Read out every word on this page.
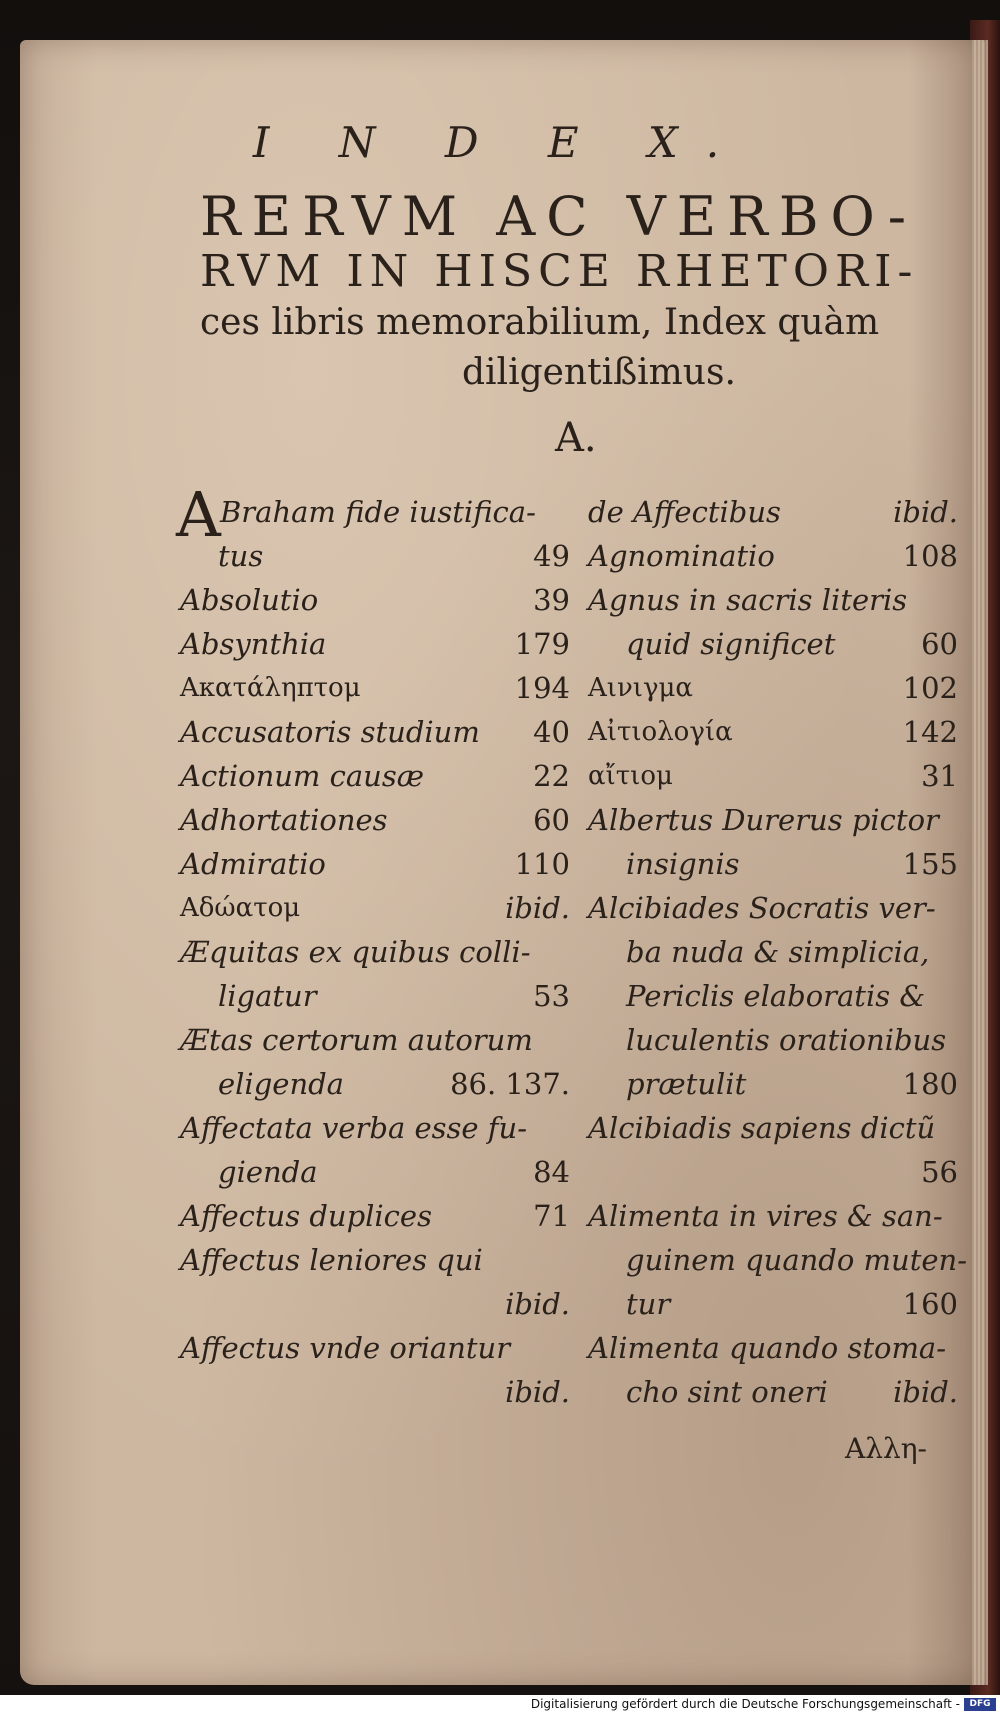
I N D E X.
RERVM AC VERBO-
RVM IN HISCE RHETORI-
ces libris memorabilium, Index quàm
diligentißimus.
A.
A Braham fide iustifica-
tus	49
Absolutio	39
Absynthia	179
Ακατάληπτομ	194
Accusatoris studium 40
Actionum causæ	22
Adhortationes	60
Admiratio	110
Αδώατομ	ibid.
Æquitas ex quibus colli-
ligatur	53
Ætas certorum autorum
eligenda	86. 137.
Affectata verba esse fu-
gienda	84
Affectus duplices	71
Affectus leniores qui
ibid.
Affectus vnde oriantur
ibid.
de Affectibus	ibid.
Agnominatio	108
Agnus in sacris literis
quid significet	60
Αινιγμα	102
Αἰτιολογία	142
αἴτιομ	31
Albertus Durerus pictor
insignis	155
Alcibiades Socratis ver-
ba nuda & simplicia,
Periclis elaboratis &
luculentis orationibus
prætulit	180
Alcibiadis sapiens dictũ
56
Alimenta in vires & san-
guinem quando muten-
tur	160
Alimenta quando stoma-
cho sint oneri ibid.
Αλλη-
Digitalisierung gefördert durch die Deutsche Forschungsgemeinschaft -	DFG
